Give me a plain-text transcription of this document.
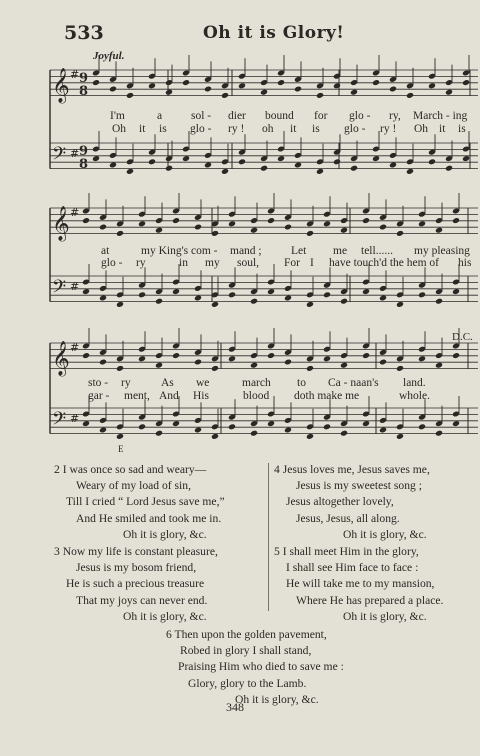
533	Oh it is Glory!
Joyful.
D.C.
E
𝄞 # 9
8
𝄢 # 9
8
𝄞 #
𝄢 #
𝄞 #
𝄢 #
I'm	a	sol - dier bound for glo - ry, March - ing
Oh it is glo - ry ! oh it is glo - ry ! Oh it is
at	my King's com - mand ;	Let me tell...... my pleasing
glo - ry	in my soul, For I have touch'd the hem of his
sto - ry	As we	march to Ca - naan's land.
gar - ment, And His	blood doth make me	whole.
2 I was once so sad and weary—
Weary of my load of sin,
Till I cried “ Lord Jesus save me,”
And He smiled and took me in.
Oh it is glory, &c.
4 Jesus loves me, Jesus saves me,
Jesus is my sweetest song ;
Jesus altogether lovely,
Jesus, Jesus, all along.
Oh it is glory, &c.
3 Now my life is constant pleasure,
Jesus is my bosom friend,
He is such a precious treasure
That my joys can never end.
Oh it is glory, &c.
5 I shall meet Him in the glory,
I shall see Him face to face :
He will take me to my mansion,
Where He has prepared a place.
Oh it is glory, &c.
6 Then upon the golden pavement,
Robed in glory I shall stand,
Praising Him who died to save me :
Glory, glory to the Lamb.
Oh it is glory, &c.
348
